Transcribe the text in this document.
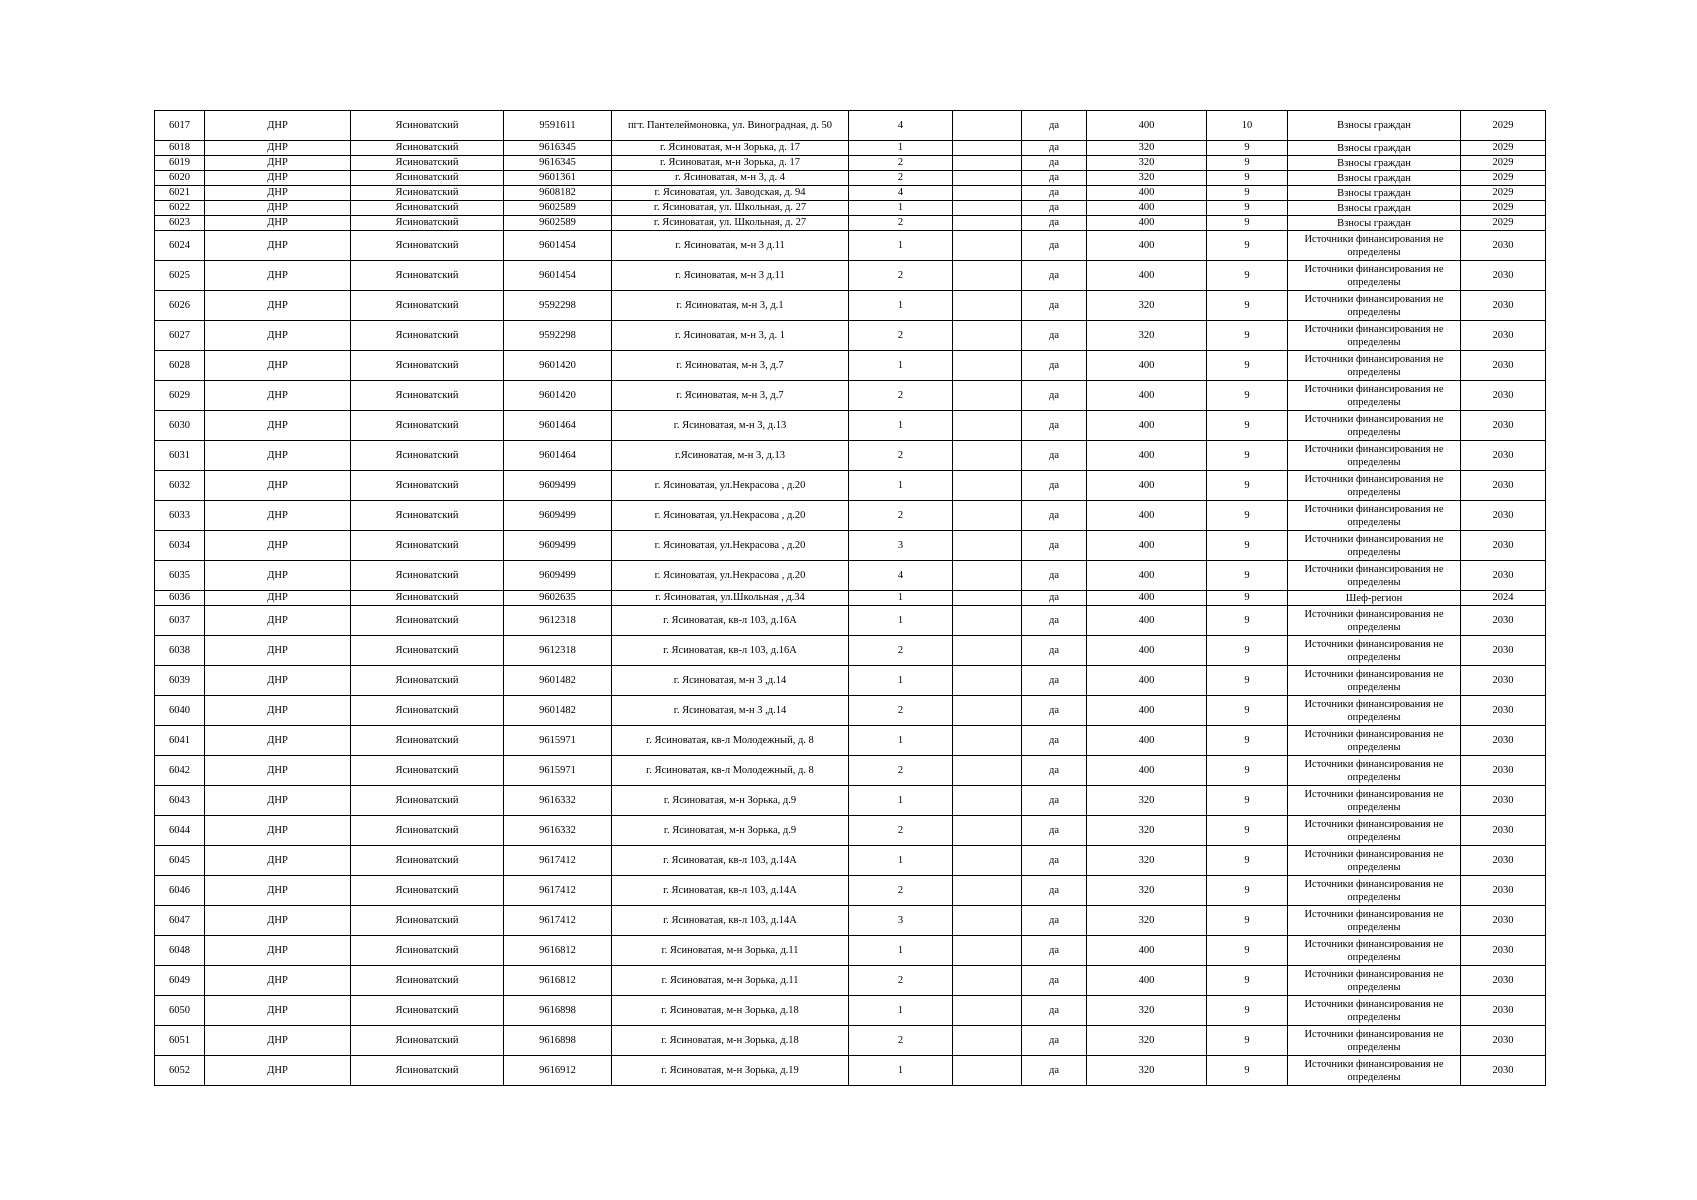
6017	ДНР	Ясиноватский	9591611	пгт. Пантелеймоновка, ул. Виноградная, д. 50	4		да	400	10	Взносы граждан	2029
6018	ДНР	Ясиноватский	9616345	г. Ясиноватая, м-н Зорька, д. 17	1		да	320	9	Взносы граждан	2029
6019	ДНР	Ясиноватский	9616345	г. Ясиноватая, м-н Зорька, д. 17	2		да	320	9	Взносы граждан	2029
6020	ДНР	Ясиноватский	9601361	г. Ясиноватая, м-н 3, д. 4	2		да	320	9	Взносы граждан	2029
6021	ДНР	Ясиноватский	9608182	г. Ясиноватая, ул. Заводская, д. 94	4		да	400	9	Взносы граждан	2029
6022	ДНР	Ясиноватский	9602589	г. Ясиноватая, ул. Школьная, д. 27	1		да	400	9	Взносы граждан	2029
6023	ДНР	Ясиноватский	9602589	г. Ясиноватая, ул. Школьная, д. 27	2		да	400	9	Взносы граждан	2029
6024	ДНР	Ясиноватский	9601454	г. Ясиноватая, м-н 3 д.11	1		да	400	9	Источники финансирования не определены	2030
6025	ДНР	Ясиноватский	9601454	г. Ясиноватая, м-н 3 д.11	2		да	400	9	Источники финансирования не определены	2030
6026	ДНР	Ясиноватский	9592298	г. Ясиноватая, м-н 3, д.1	1		да	320	9	Источники финансирования не определены	2030
6027	ДНР	Ясиноватский	9592298	г. Ясиноватая, м-н 3, д. 1	2		да	320	9	Источники финансирования не определены	2030
6028	ДНР	Ясиноватский	9601420	г. Ясиноватая, м-н 3, д.7	1		да	400	9	Источники финансирования не определены	2030
6029	ДНР	Ясиноватский	9601420	г. Ясиноватая, м-н 3, д.7	2		да	400	9	Источники финансирования не определены	2030
6030	ДНР	Ясиноватский	9601464	г. Ясиноватая, м-н 3, д.13	1		да	400	9	Источники финансирования не определены	2030
6031	ДНР	Ясиноватский	9601464	г.Ясиноватая, м-н 3, д.13	2		да	400	9	Источники финансирования не определены	2030
6032	ДНР	Ясиноватский	9609499	г. Ясиноватая, ул.Некрасова , д.20	1		да	400	9	Источники финансирования не определены	2030
6033	ДНР	Ясиноватский	9609499	г. Ясиноватая, ул.Некрасова , д.20	2		да	400	9	Источники финансирования не определены	2030
6034	ДНР	Ясиноватский	9609499	г. Ясиноватая, ул.Некрасова , д.20	3		да	400	9	Источники финансирования не определены	2030
6035	ДНР	Ясиноватский	9609499	г. Ясиноватая, ул.Некрасова , д.20	4		да	400	9	Источники финансирования не определены	2030
6036	ДНР	Ясиноватский	9602635	г. Ясиноватая, ул.Школьная , д.34	1		да	400	9	Шеф-регион	2024
6037	ДНР	Ясиноватский	9612318	г. Ясиноватая, кв-л 103, д.16А	1		да	400	9	Источники финансирования не определены	2030
6038	ДНР	Ясиноватский	9612318	г. Ясиноватая, кв-л 103, д.16А	2		да	400	9	Источники финансирования не определены	2030
6039	ДНР	Ясиноватский	9601482	г. Ясиноватая, м-н 3 ,д.14	1		да	400	9	Источники финансирования не определены	2030
6040	ДНР	Ясиноватский	9601482	г. Ясиноватая, м-н 3 ,д.14	2		да	400	9	Источники финансирования не определены	2030
6041	ДНР	Ясиноватский	9615971	г. Ясиноватая, кв-л Молодежный, д. 8	1		да	400	9	Источники финансирования не определены	2030
6042	ДНР	Ясиноватский	9615971	г. Ясиноватая, кв-л Молодежный, д. 8	2		да	400	9	Источники финансирования не определены	2030
6043	ДНР	Ясиноватский	9616332	г. Ясиноватая, м-н Зорька, д.9	1		да	320	9	Источники финансирования не определены	2030
6044	ДНР	Ясиноватский	9616332	г. Ясиноватая, м-н Зорька, д.9	2		да	320	9	Источники финансирования не определены	2030
6045	ДНР	Ясиноватский	9617412	г. Ясиноватая, кв-л 103, д.14А	1		да	320	9	Источники финансирования не определены	2030
6046	ДНР	Ясиноватский	9617412	г. Ясиноватая, кв-л 103, д.14А	2		да	320	9	Источники финансирования не определены	2030
6047	ДНР	Ясиноватский	9617412	г. Ясиноватая, кв-л 103, д.14А	3		да	320	9	Источники финансирования не определены	2030
6048	ДНР	Ясиноватский	9616812	г. Ясиноватая, м-н Зорька, д.11	1		да	400	9	Источники финансирования не определены	2030
6049	ДНР	Ясиноватский	9616812	г. Ясиноватая, м-н Зорька, д.11	2		да	400	9	Источники финансирования не определены	2030
6050	ДНР	Ясиноватский	9616898	г. Ясиноватая, м-н Зорька, д.18	1		да	320	9	Источники финансирования не определены	2030
6051	ДНР	Ясиноватский	9616898	г. Ясиноватая, м-н Зорька, д.18	2		да	320	9	Источники финансирования не определены	2030
6052	ДНР	Ясиноватский	9616912	г. Ясиноватая, м-н Зорька, д.19	1		да	320	9	Источники финансирования не определены	2030
